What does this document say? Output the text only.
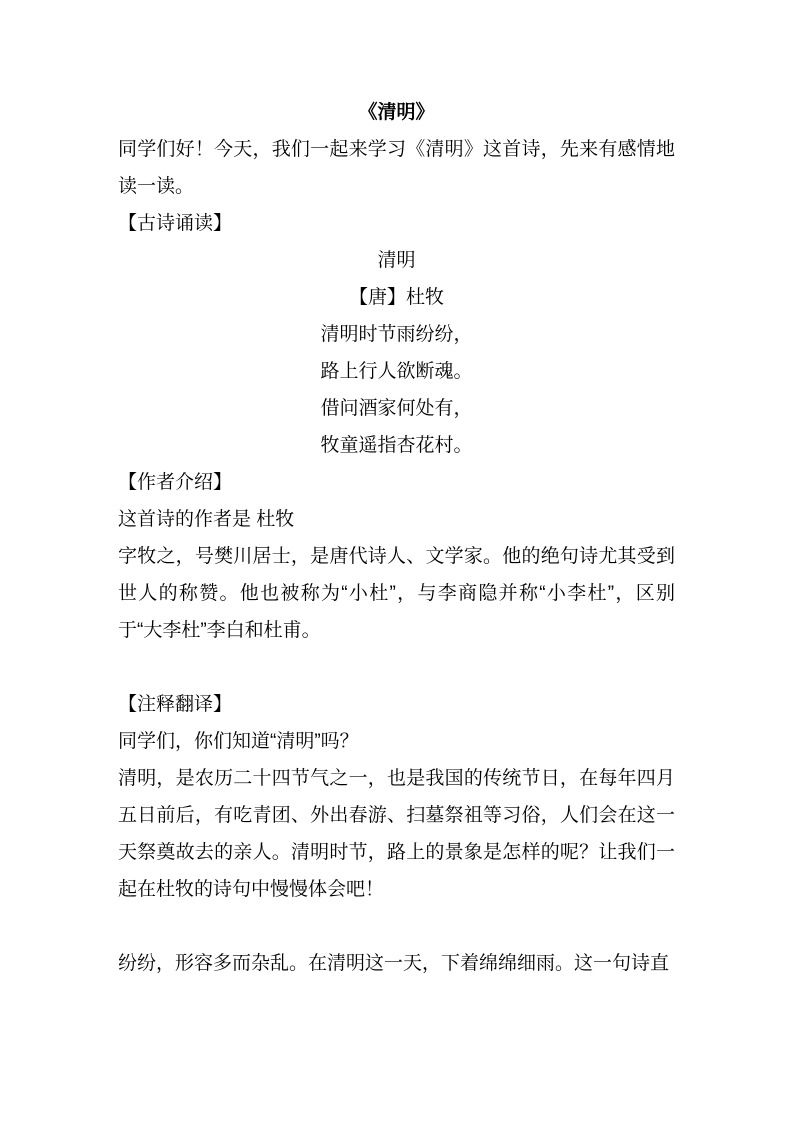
《清明》
同学们好！今天，我们一起来学习《清明》这首诗，先来有感情地读一读。
【古诗诵读】
清明
【唐】杜牧
清明时节雨纷纷，
路上行人欲断魂。
借问酒家何处有，
牧童遥指杏花村。
【作者介绍】
这首诗的作者是 杜牧
字牧之，号樊川居士，是唐代诗人、文学家。他的绝句诗尤其受到世人的称赞。他也被称为“小杜”，与李商隐并称“小李杜”，区别于“大李杜”李白和杜甫。
【注释翻译】
同学们，你们知道“清明”吗？
清明，是农历二十四节气之一，也是我国的传统节日，在每年四月五日前后，有吃青团、外出春游、扫墓祭祖等习俗，人们会在这一天祭奠故去的亲人。清明时节，路上的景象是怎样的呢？让我们一起在杜牧的诗句中慢慢体会吧！
纷纷，形容多而杂乱。在清明这一天，下着绵绵细雨。这一句诗直
